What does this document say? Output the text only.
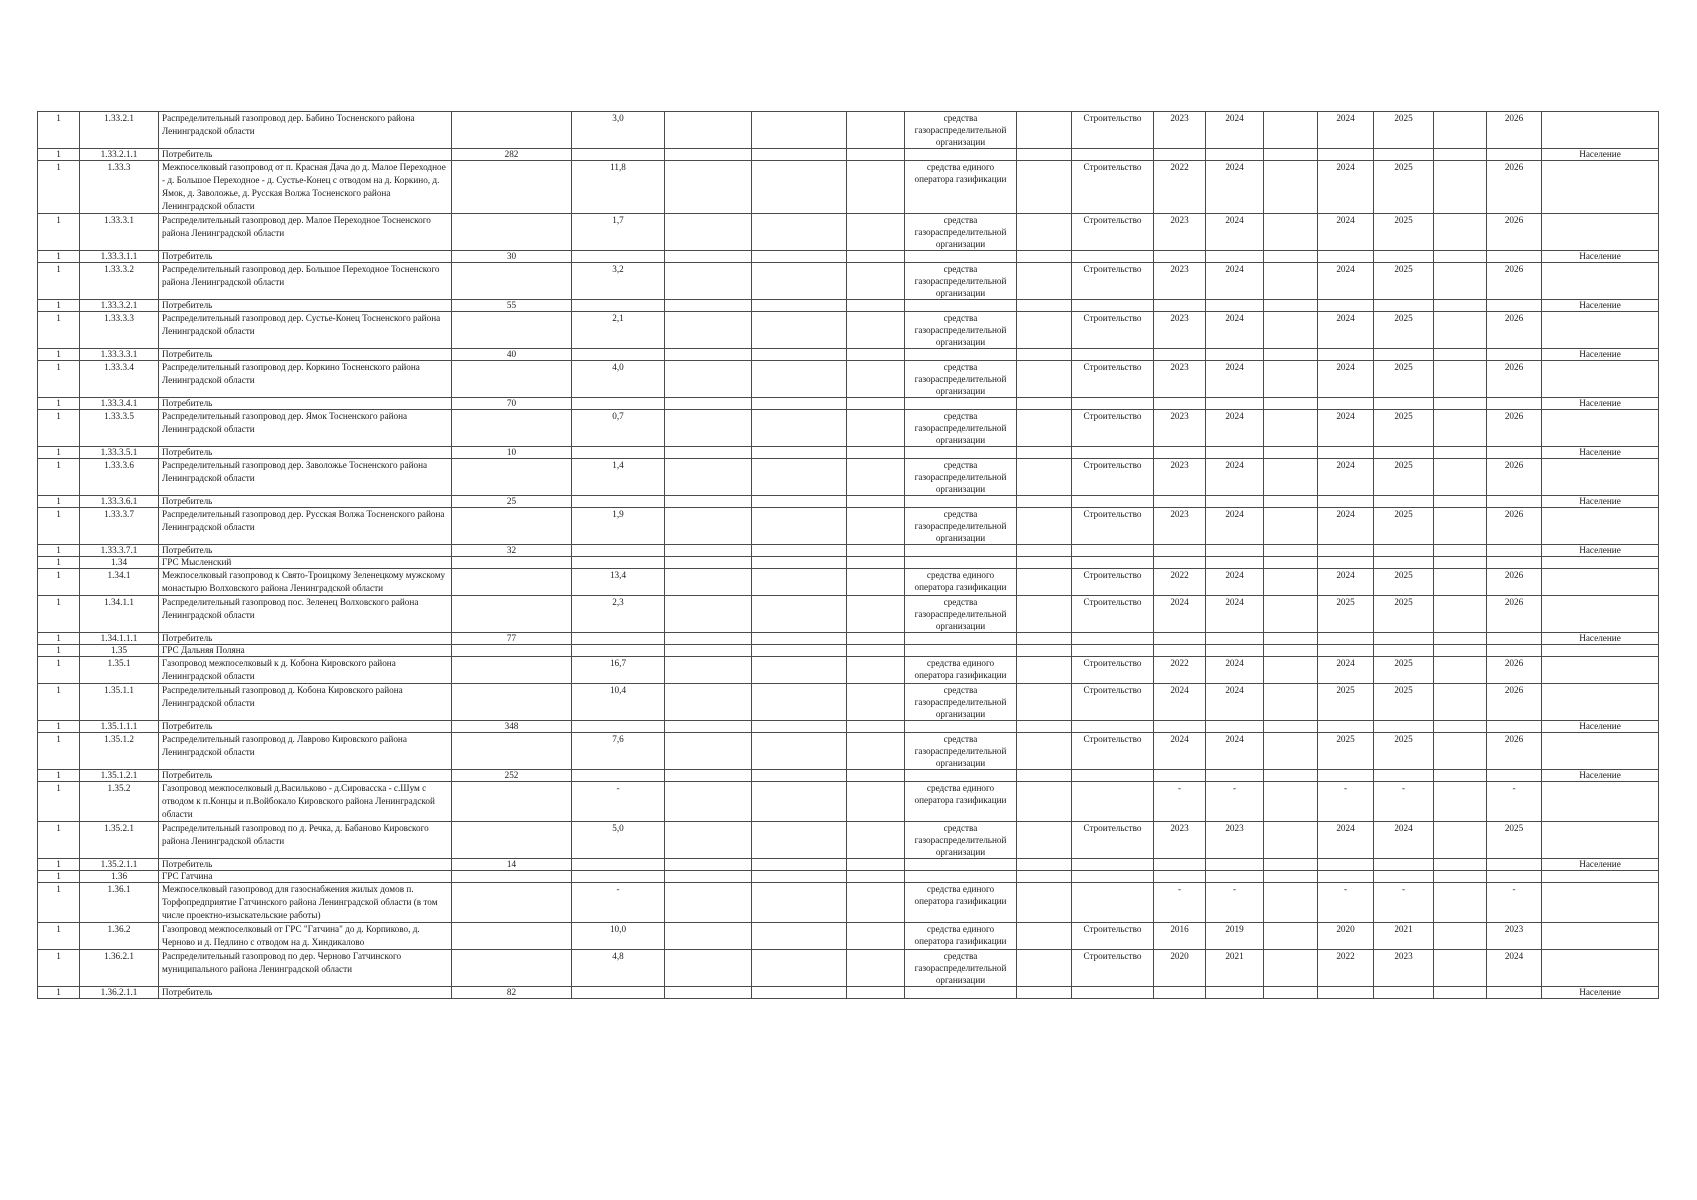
1	1.33.2.1	Распределительный газопровод дер. Бабино Тосненского района Ленинградской области		3,0				средства газораспределительной организации		Строительство	2023	2024		2024	2025		2026	
1	1.33.2.1.1	Потребитель	282															Население
1	1.33.3	Межпоселковый газопровод от п. Красная Дача до д. Малое Переходное - д. Большое Переходное - д. Сустье-Конец с отводом на д. Коркино, д. Ямок, д. Заволожье, д. Русская Волжа Тосненского района Ленинградской области		11,8				средства единого оператора газификации		Строительство	2022	2024		2024	2025		2026	
1	1.33.3.1	Распределительный газопровод дер. Малое Переходное Тосненского района Ленинградской области		1,7				средства газораспределительной организации		Строительство	2023	2024		2024	2025		2026	
1	1.33.3.1.1	Потребитель	30															Население
1	1.33.3.2	Распределительный газопровод дер. Большое Переходное Тосненского района Ленинградской области		3,2				средства газораспределительной организации		Строительство	2023	2024		2024	2025		2026	
1	1.33.3.2.1	Потребитель	55															Население
1	1.33.3.3	Распределительный газопровод дер. Сустье-Конец Тосненского района Ленинградской области		2,1				средства газораспределительной организации		Строительство	2023	2024		2024	2025		2026	
1	1.33.3.3.1	Потребитель	40															Население
1	1.33.3.4	Распределительный газопровод дер. Коркино Тосненского района Ленинградской области		4,0				средства газораспределительной организации		Строительство	2023	2024		2024	2025		2026	
1	1.33.3.4.1	Потребитель	70															Население
1	1.33.3.5	Распределительный газопровод дер. Ямок Тосненского района Ленинградской области		0,7				средства газораспределительной организации		Строительство	2023	2024		2024	2025		2026	
1	1.33.3.5.1	Потребитель	10															Население
1	1.33.3.6	Распределительный газопровод дер. Заволожье Тосненского района Ленинградской области		1,4				средства газораспределительной организации		Строительство	2023	2024		2024	2025		2026	
1	1.33.3.6.1	Потребитель	25															Население
1	1.33.3.7	Распределительный газопровод дер. Русская Волжа Тосненского района Ленинградской области		1,9				средства газораспределительной организации		Строительство	2023	2024		2024	2025		2026	
1	1.33.3.7.1	Потребитель	32															Население
1	1.34	ГРС Мысленский																
1	1.34.1	Межпоселковый газопровод к Свято-Троицкому Зеленецкому мужскому монастырю Волховского района Ленинградской области		13,4				средства единого оператора газификации		Строительство	2022	2024		2024	2025		2026	
1	1.34.1.1	Распределительный газопровод пос. Зеленец Волховского района Ленинградской области		2,3				средства газораспределительной организации		Строительство	2024	2024		2025	2025		2026	
1	1.34.1.1.1	Потребитель	77															Население
1	1.35	ГРС Дальняя Поляна																
1	1.35.1	Газопровод межпоселковый к д. Кобона Кировского района Ленинградской области		16,7				средства единого оператора газификации		Строительство	2022	2024		2024	2025		2026	
1	1.35.1.1	Распределительный газопровод д. Кобона Кировского района Ленинградской области		10,4				средства газораспределительной организации		Строительство	2024	2024		2025	2025		2026	
1	1.35.1.1.1	Потребитель	348															Население
1	1.35.1.2	Распределительный газопровод д. Лаврово Кировского района Ленинградской области		7,6				средства газораспределительной организации		Строительство	2024	2024		2025	2025		2026	
1	1.35.1.2.1	Потребитель	252															Население
1	1.35.2	Газопровод межпоселковый д.Васильково - д.Сировасска - с.Шум с отводом к п.Концы и п.Войбокало Кировского района Ленинградской области		-				средства единого оператора газификации			-	-		-	-		-	
1	1.35.2.1	Распределительный газопровод по д. Речка, д. Бабаново Кировского района Ленинградской области		5,0				средства газораспределительной организации		Строительство	2023	2023		2024	2024		2025	
1	1.35.2.1.1	Потребитель	14															Население
1	1.36	ГРС Гатчина																
1	1.36.1	Межпоселковый газопровод для газоснабжения жилых домов п. Торфопредприятие Гатчинского района Ленинградской области (в том числе проектно-изыскательские работы)		-				средства единого оператора газификации			-	-		-	-		-	
1	1.36.2	Газопровод межпоселковый от ГРС "Гатчина" до д. Корпиково, д. Черново и д. Педлино с отводом на д. Хиндикалово		10,0				средства единого оператора газификации		Строительство	2016	2019		2020	2021		2023	
1	1.36.2.1	Распределительный газопровод по дер. Черново Гатчинского муниципального района Ленинградской области		4,8				средства газораспределительной организации		Строительство	2020	2021		2022	2023		2024	
1	1.36.2.1.1	Потребитель	82															Население
